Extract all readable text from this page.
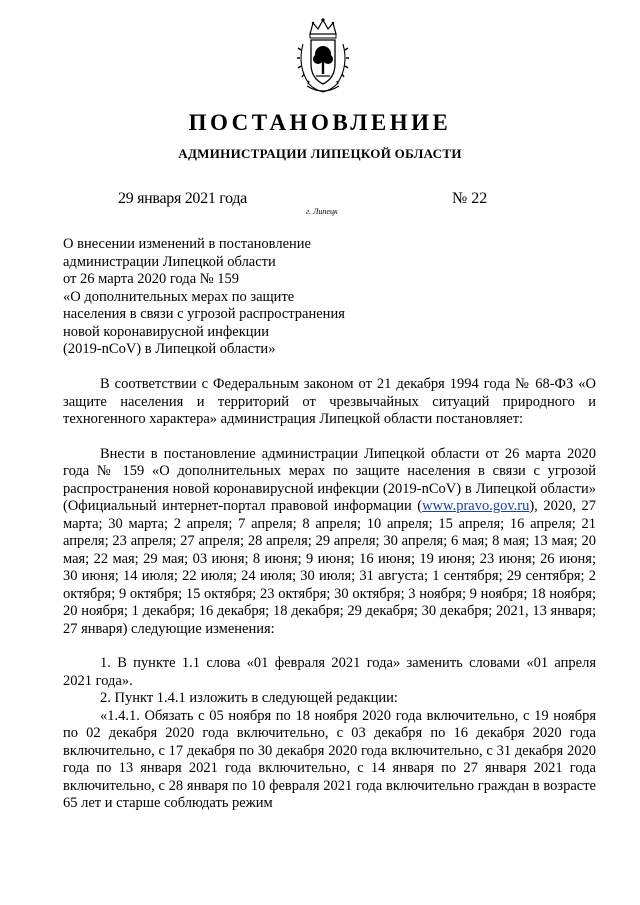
ПОСТАНОВЛЕНИЕ
АДМИНИСТРАЦИИ ЛИПЕЦКОЙ ОБЛАСТИ
29 января 2021 года	№ 22
г. Липецк
О внесении изменений в постановление
администрации Липецкой области
от 26 марта 2020 года № 159
«О дополнительных мерах по защите
населения в связи с угрозой распространения
новой коронавирусной инфекции
(2019-nCoV) в Липецкой области»

В соответствии с Федеральным законом от 21 декабря 1994 года № 68-ФЗ «О защите населения и территорий от чрезвычайных ситуаций природного и техногенного характера» администрация Липецкой области постановляет:

Внести в постановление администрации Липецкой области от 26 марта 2020 года № 159 «О дополнительных мерах по защите населения в связи с угрозой распространения новой коронавирусной инфекции (2019-nCoV) в Липецкой области» (Официальный интернет-портал правовой информации (www.pravo.gov.ru), 2020, 27 марта; 30 марта; 2 апреля; 7 апреля; 8 апреля; 10 апреля; 15 апреля; 16 апреля; 21 апреля; 23 апреля; 27 апреля; 28 апреля; 29 апреля; 30 апреля; 6 мая; 8 мая; 13 мая; 20 мая; 22 мая; 29 мая; 03 июня; 8 июня; 9 июня; 16 июня; 19 июня; 23 июня; 26 июня; 30 июня; 14 июля; 22 июля; 24 июля; 30 июля; 31 августа; 1 сентября; 29 сентября; 2 октября; 9 октября; 15 октября; 23 октября; 30 октября; 3 ноября; 9 ноября; 18 ноября; 20 ноября; 1 декабря; 16 декабря; 18 декабря; 29 декабря; 30 декабря; 2021, 13 января; 27 января) следующие изменения:

1. В пункте 1.1 слова «01 февраля 2021 года» заменить словами «01 апреля 2021 года».

2. Пункт 1.4.1 изложить в следующей редакции:

«1.4.1. Обязать с 05 ноября по 18 ноября 2020 года включительно, с 19 ноября по 02 декабря 2020 года включительно, с 03 декабря по 16 декабря 2020 года включительно, с 17 декабря по 30 декабря 2020 года включительно, с 31 декабря 2020 года по 13 января 2021 года включительно, с 14 января по 27 января 2021 года включительно, с 28 января по 10 февраля 2021 года включительно граждан в возрасте 65 лет и старше соблюдать режим
